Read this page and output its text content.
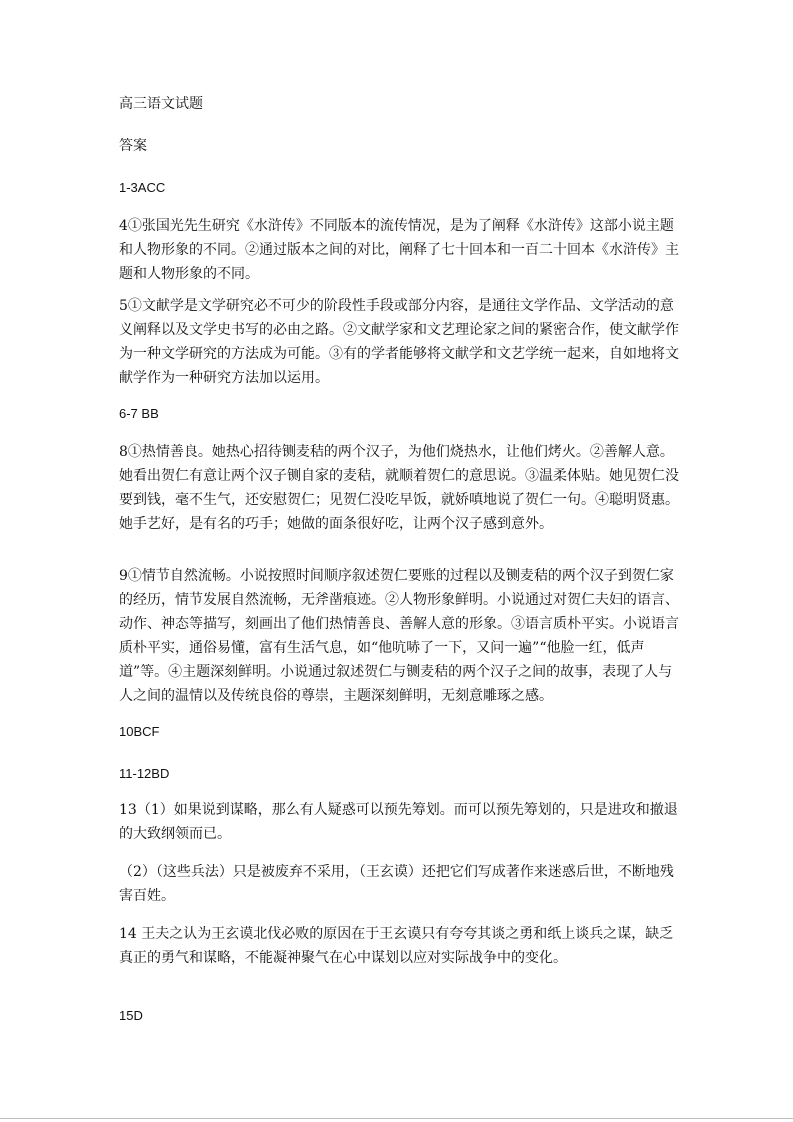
高三语文试题

答案

1-3ACC

4①张国光先生研究《水浒传》不同版本的流传情况，是为了阐释《水浒传》这部小说主题和人物形象的不同。②通过版本之间的对比，阐释了七十回本和一百二十回本《水浒传》主题和人物形象的不同。

5①文献学是文学研究必不可少的阶段性手段或部分内容，是通往文学作品、文学活动的意义阐释以及文学史书写的必由之路。②文献学家和文艺理论家之间的紧密合作，使文献学作为一种文学研究的方法成为可能。③有的学者能够将文献学和文艺学统一起来，自如地将文献学作为一种研究方法加以运用。

6-7 BB

8①热情善良。她热心招待铡麦秸的两个汉子，为他们烧热水，让他们烤火。②善解人意。她看出贺仁有意让两个汉子铡自家的麦秸，就顺着贺仁的意思说。③温柔体贴。她见贺仁没要到钱，毫不生气，还安慰贺仁；见贺仁没吃早饭，就娇嗔地说了贺仁一句。④聪明贤惠。她手艺好，是有名的巧手；她做的面条很好吃，让两个汉子感到意外。

9①情节自然流畅。小说按照时间顺序叙述贺仁要账的过程以及铡麦秸的两个汉子到贺仁家的经历，情节发展自然流畅，无斧凿痕迹。②人物形象鲜明。小说通过对贺仁夫妇的语言、动作、神态等描写，刻画出了他们热情善良、善解人意的形象。③语言质朴平实。小说语言质朴平实，通俗易懂，富有生活气息，如“他吭哧了一下，又问一遍”“他脸一红，低声道”等。④主题深刻鲜明。小说通过叙述贺仁与铡麦秸的两个汉子之间的故事，表现了人与人之间的温情以及传统良俗的尊崇，主题深刻鲜明，无刻意雕琢之感。

10BCF

11-12BD

13（1）如果说到谋略，那么有人疑惑可以预先筹划。而可以预先筹划的，只是进攻和撤退的大致纲领而已。

（2）（这些兵法）只是被废弃不采用，（王玄谟）还把它们写成著作来迷惑后世，不断地残害百姓。

14 王夫之认为王玄谟北伐必败的原因在于王玄谟只有夸夸其谈之勇和纸上谈兵之谋，缺乏真正的勇气和谋略，不能凝神聚气在心中谋划以应对实际战争中的变化。

15D
